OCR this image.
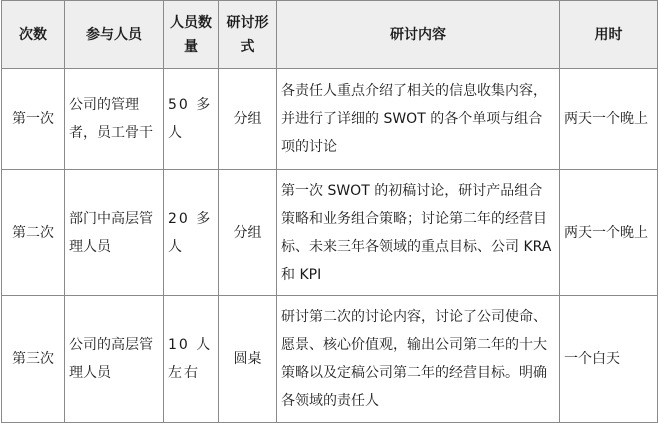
次数	参与人员	人员数量	研讨形式	研讨内容	用时
第一次	公司的管理者，员工骨干	50 多人	分组	各责任人重点介绍了相关的信息收集内容，并进行了详细的 SWOT 的各个单项与组合项的讨论	两天一个晚上
第二次	部门中高层管理人员	20 多人	分组	第一次 SWOT 的初稿讨论，研讨产品组合策略和业务组合策略；讨论第二年的经营目标、未来三年各领域的重点目标、公司 KRA 和 KPI	两天一个晚上
第三次	公司的高层管理人员	10 人左右	圆桌	研讨第二次的讨论内容，讨论了公司使命、愿景、核心价值观，输出公司第二年的十大策略以及定稿公司第二年的经营目标。明确各领域的责任人	一个白天
